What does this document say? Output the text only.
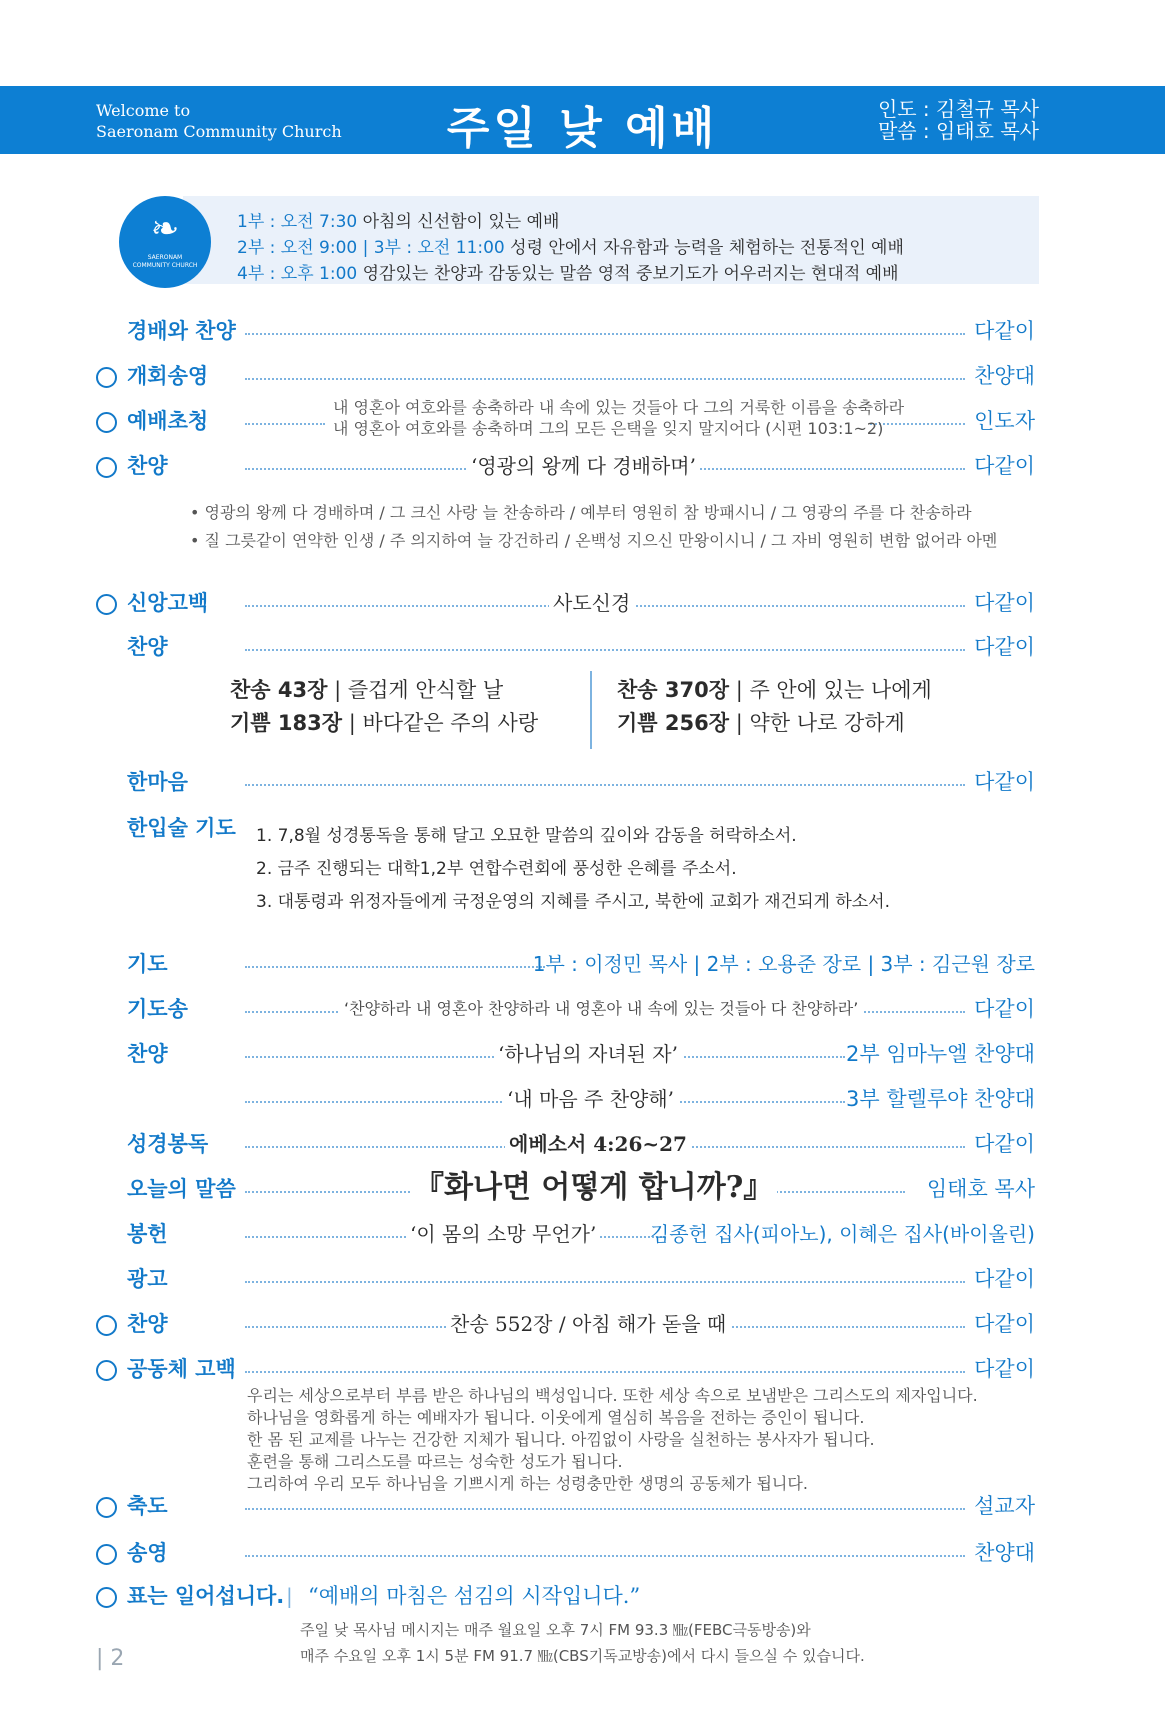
Welcome to
Saeronam Community Church	주일 낮 예배	인도 : 김철규 목사
말씀 : 임태호 목사
❧
SAERONAM
COMMUNITY CHURCH
1부 : 오전 7:30 아침의 신선함이 있는 예배
2부 : 오전 9:00 | 3부 : 오전 11:00 성령 안에서 자유함과 능력을 체험하는 전통적인 예배
4부 : 오후 1:00 영감있는 찬양과 감동있는 말씀 영적 중보기도가 어우러지는 현대적 예배
경배와 찬양	다같이
개회송영	찬양대
예배초청	인도자
내 영혼아 여호와를 송축하라 내 속에 있는 것들아 다 그의 거룩한 이름을 송축하라
내 영혼아 여호와를 송축하며 그의 모든 은택을 잊지 말지어다 (시편 103:1~2)
찬양	‘영광의 왕께 다 경배하며’	다같이
• 영광의 왕께 다 경배하며 / 그 크신 사랑 늘 찬송하라 / 예부터 영원히 참 방패시니 / 그 영광의 주를 다 찬송하라
• 질 그릇같이 연약한 인생 / 주 의지하여 늘 강건하리 / 온백성 지으신 만왕이시니 / 그 자비 영원히 변함 없어라 아멘
신앙고백	사도신경	다같이
찬양	다같이
찬송 43장 | 즐겁게 안식할 날
기쁨 183장 | 바다같은 주의 사랑
찬송 370장 | 주 안에 있는 나에게
기쁨 256장 | 약한 나로 강하게
한마음	다같이
한입술 기도 1. 7,8월 성경통독을 통해 달고 오묘한 말씀의 깊이와 감동을 허락하소서.
2. 금주 진행되는 대학1,2부 연합수련회에 풍성한 은혜를 주소서.
3. 대통령과 위정자들에게 국정운영의 지혜를 주시고, 북한에 교회가 재건되게 하소서.
기도	1부 : 이정민 목사 | 2부 : 오용준 장로 | 3부 : 김근원 장로
기도송	‘찬양하라 내 영혼아 찬양하라 내 영혼아 내 속에 있는 것들아 다 찬양하라’	다같이
찬양	‘하나님의 자녀된 자’	2부 임마누엘 찬양대
‘내 마음 주 찬양해’	3부 할렐루야 찬양대
성경봉독	에베소서 4:26~27	다같이
오늘의 말씀	『화나면 어떻게 합니까?』	임태호 목사
봉헌	‘이 몸의 소망 무언가’	김종헌 집사(피아노), 이혜은 집사(바이올린)
광고	다같이
찬양	찬송 552장 / 아침 해가 돋을 때	다같이
공동체 고백	다같이
우리는 세상으로부터 부름 받은 하나님의 백성입니다. 또한 세상 속으로 보냄받은 그리스도의 제자입니다.
하나님을 영화롭게 하는 예배자가 됩니다. 이웃에게 열심히 복음을 전하는 증인이 됩니다.
한 몸 된 교제를 나누는 건강한 지체가 됩니다. 아낌없이 사랑을 실천하는 봉사자가 됩니다.
훈련을 통해 그리스도를 따르는 성숙한 성도가 됩니다.
그리하여 우리 모두 하나님을 기쁘시게 하는 성령충만한 생명의 공동체가 됩니다.
축도	설교자
송영	찬양대
표는 일어섭니다. | “예배의 마침은 섬김의 시작입니다.”
주일 낮 목사님 메시지는 매주 월요일 오후 7시 FM 93.3 ㎒(FEBC극동방송)와
매주 수요일 오후 1시 5분 FM 91.7 ㎒(CBS기독교방송)에서 다시 들으실 수 있습니다.
| 2
